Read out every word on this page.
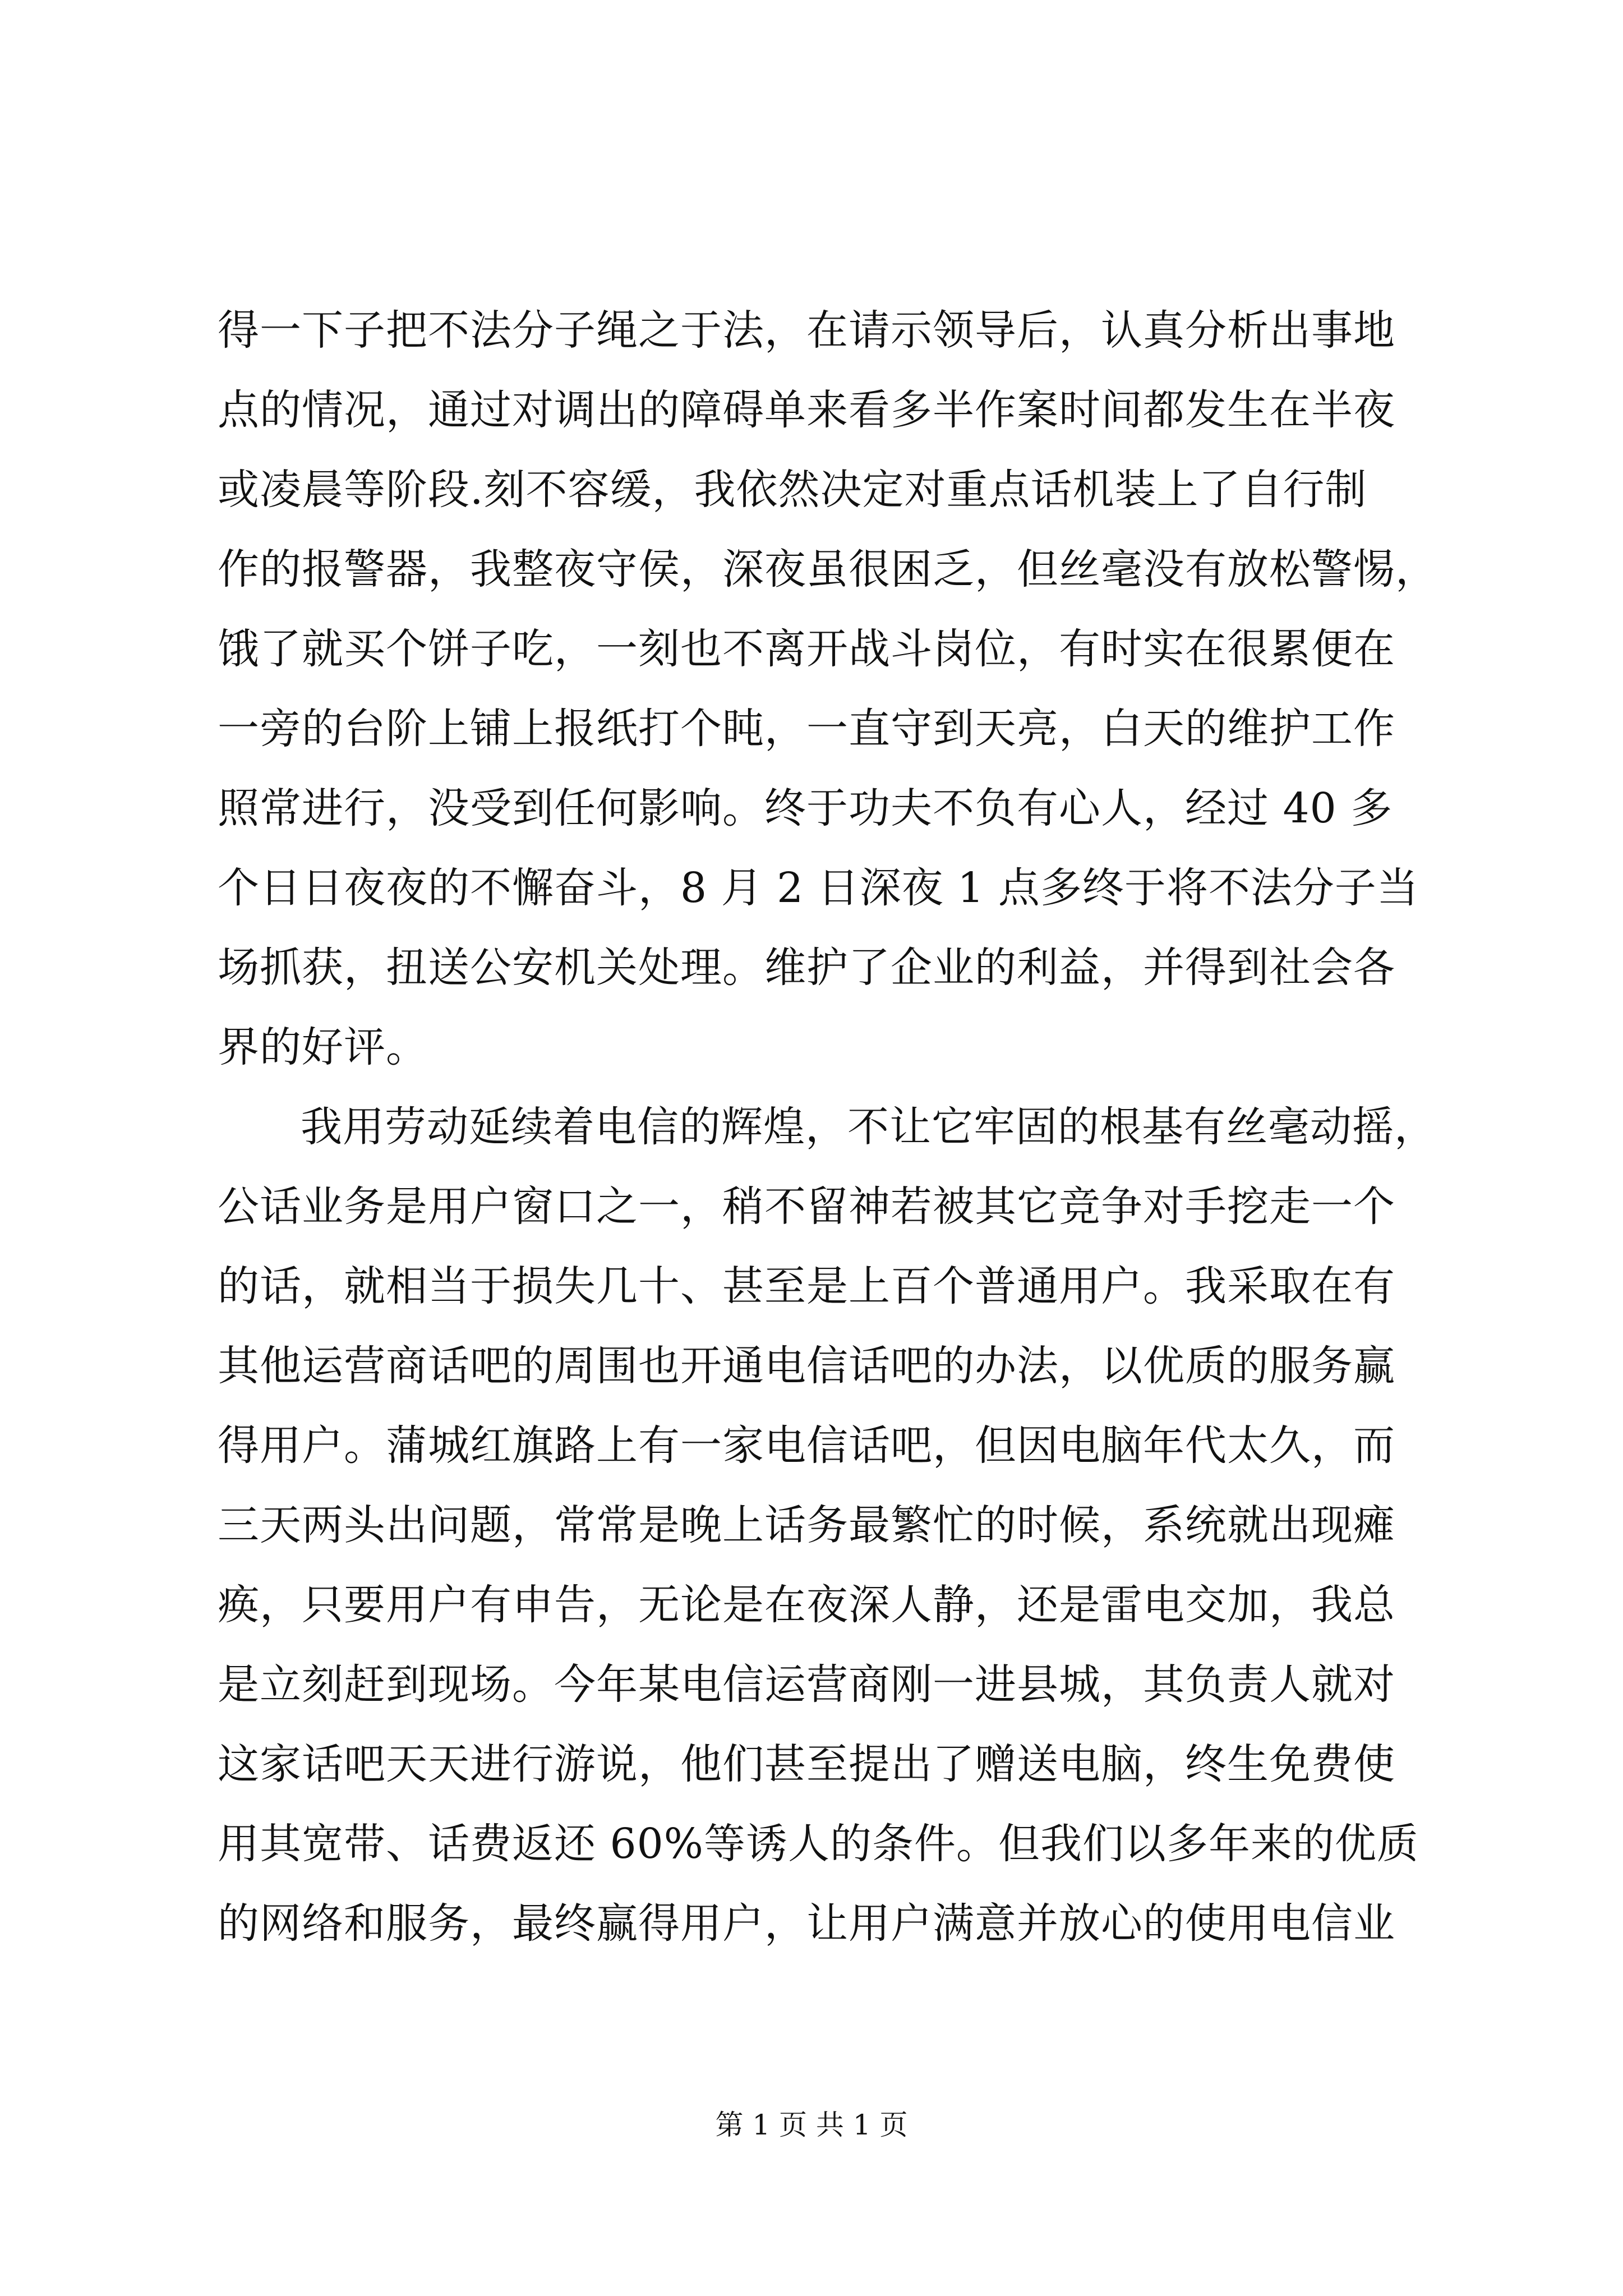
得一下子把不法分子绳之于法，在请示领导后，认真分析出事地
点的情况，通过对调出的障碍单来看多半作案时间都发生在半夜
或凌晨等阶段.刻不容缓，我依然决定对重点话机装上了自行制
作的报警器，我整夜守侯，深夜虽很困乏，但丝毫没有放松警惕，
饿了就买个饼子吃，一刻也不离开战斗岗位，有时实在很累便在
一旁的台阶上铺上报纸打个盹，一直守到天亮，白天的维护工作
照常进行，没受到任何影响。终于功夫不负有心人，经过 40 多
个日日夜夜的不懈奋斗，8 月 2 日深夜 1 点多终于将不法分子当
场抓获，扭送公安机关处理。维护了企业的利益，并得到社会各
界的好评。
我用劳动延续着电信的辉煌，不让它牢固的根基有丝毫动摇，
公话业务是用户窗口之一，稍不留神若被其它竞争对手挖走一个
的话，就相当于损失几十、甚至是上百个普通用户。我采取在有
其他运营商话吧的周围也开通电信话吧的办法，以优质的服务赢
得用户。蒲城红旗路上有一家电信话吧，但因电脑年代太久，而
三天两头出问题，常常是晚上话务最繁忙的时候，系统就出现瘫
痪，只要用户有申告，无论是在夜深人静，还是雷电交加，我总
是立刻赶到现场。今年某电信运营商刚一进县城，其负责人就对
这家话吧天天进行游说，他们甚至提出了赠送电脑，终生免费使
用其宽带、话费返还 60%等诱人的条件。但我们以多年来的优质
的网络和服务，最终赢得用户，让用户满意并放心的使用电信业
第 1 页 共 1 页
